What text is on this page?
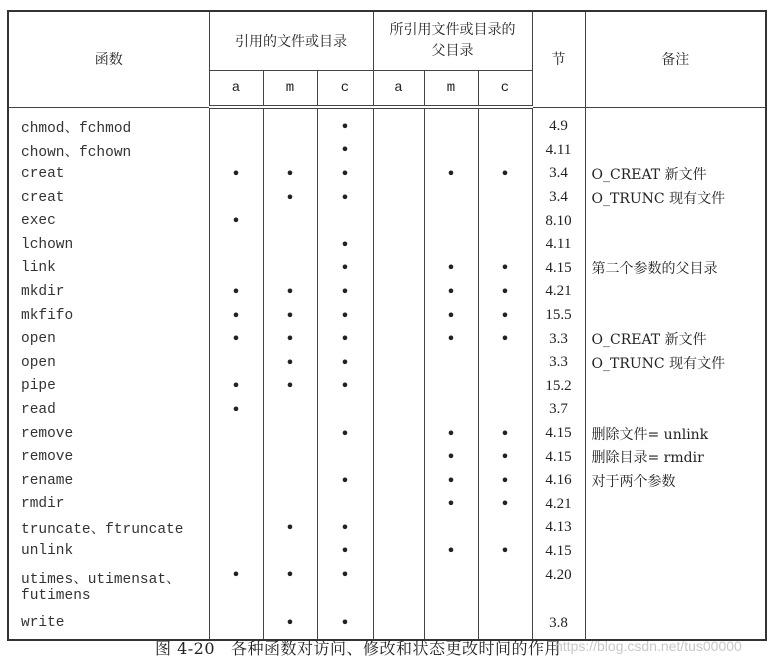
函数	引用的文件或目录			所引用文件或目录的父目录			节	备注
	a	m	c	a	m	c		
chmod、fchmod			•				4.9	
chown、fchown			•				4.11	
creat	•	•	•		•	•	3.4	O_CREAT 新文件
creat		•	•				3.4	O_TRUNC 现有文件
exec	•						8.10	
lchown			•				4.11	
link			•		•	•	4.15	第二个参数的父目录
mkdir	•	•	•		•	•	4.21	
mkfifo	•	•	•		•	•	15.5	
open	•	•	•		•	•	3.3	O_CREAT 新文件
open		•	•				3.3	O_TRUNC 现有文件
pipe	•	•	•				15.2	
read	•						3.7	
remove			•		•	•	4.15	删除文件= unlink
remove					•	•	4.15	删除目录= rmdir
rename			•		•	•	4.16	对于两个参数
rmdir					•	•	4.21	
truncate、ftruncate		•	•				4.13	
unlink			•		•	•	4.15	
utimes、utimensat、
futimens	•	•	•				4.20	
write		•	•				3.8	
图 4-20 各种函数对访问、修改和状态更改时间的作用
https://blog.csdn.net/tus00000
